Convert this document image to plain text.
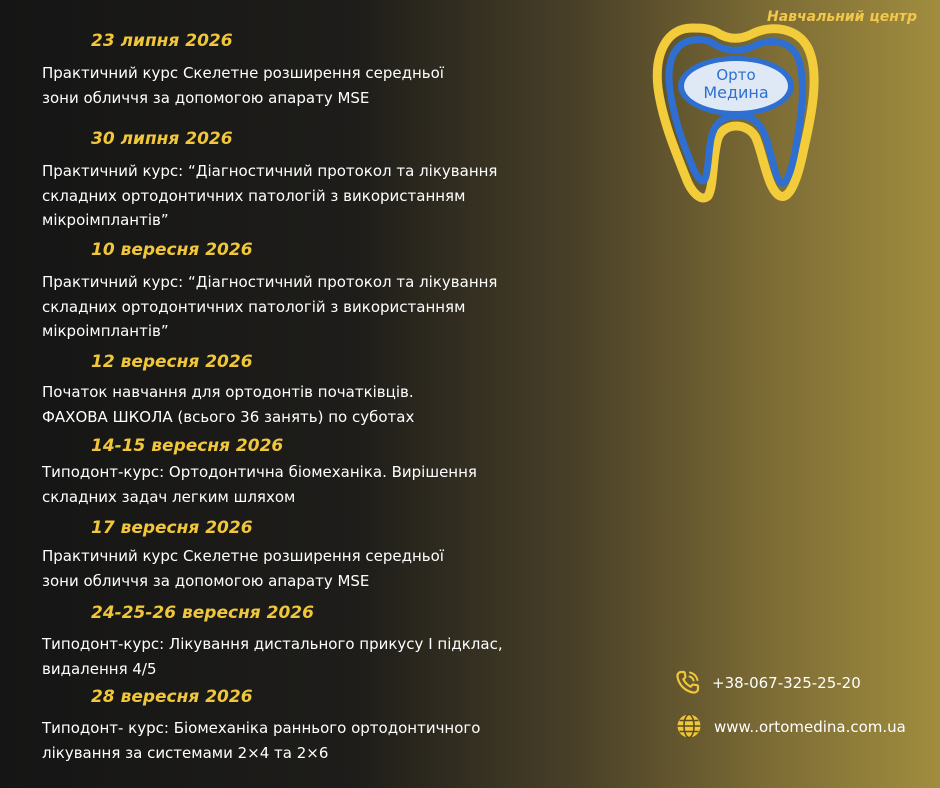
23 липня 2026

Практичний курс Скелетне розширення середньої зони обличчя за допомогою апарату MSE

30 липня 2026

Практичний курс: “Діагностичний протокол та лікування складних ортодонтичних патологій з використанням мікроімплантів”

10 вересня 2026

Практичний курс: “Діагностичний протокол та лікування складних ортодонтичних патологій з використанням мікроімплантів”

12 вересня 2026

Початок навчання для ортодонтів початківців. ФАХОВА ШКОЛА (всього 36 занять) по суботах

14-15 вересня 2026

Типодонт-курс: Ортодонтична біомеханіка. Вирішення складних задач легким шляхом

17 вересня 2026

Практичний курс Скелетне розширення середньої зони обличчя за допомогою апарату MSE

24-25-26 вересня 2026

Типодонт-курс: Лікування дистального прикусу І підклас, видалення 4/5

28 вересня 2026

Типодонт- курс: Біомеханіка раннього ортодонтичного лікування за системами 2×4 та 2×6

Навчальний центр
Орто
Медина
+38-067-325-25-20
www..ortomedina.com.ua
